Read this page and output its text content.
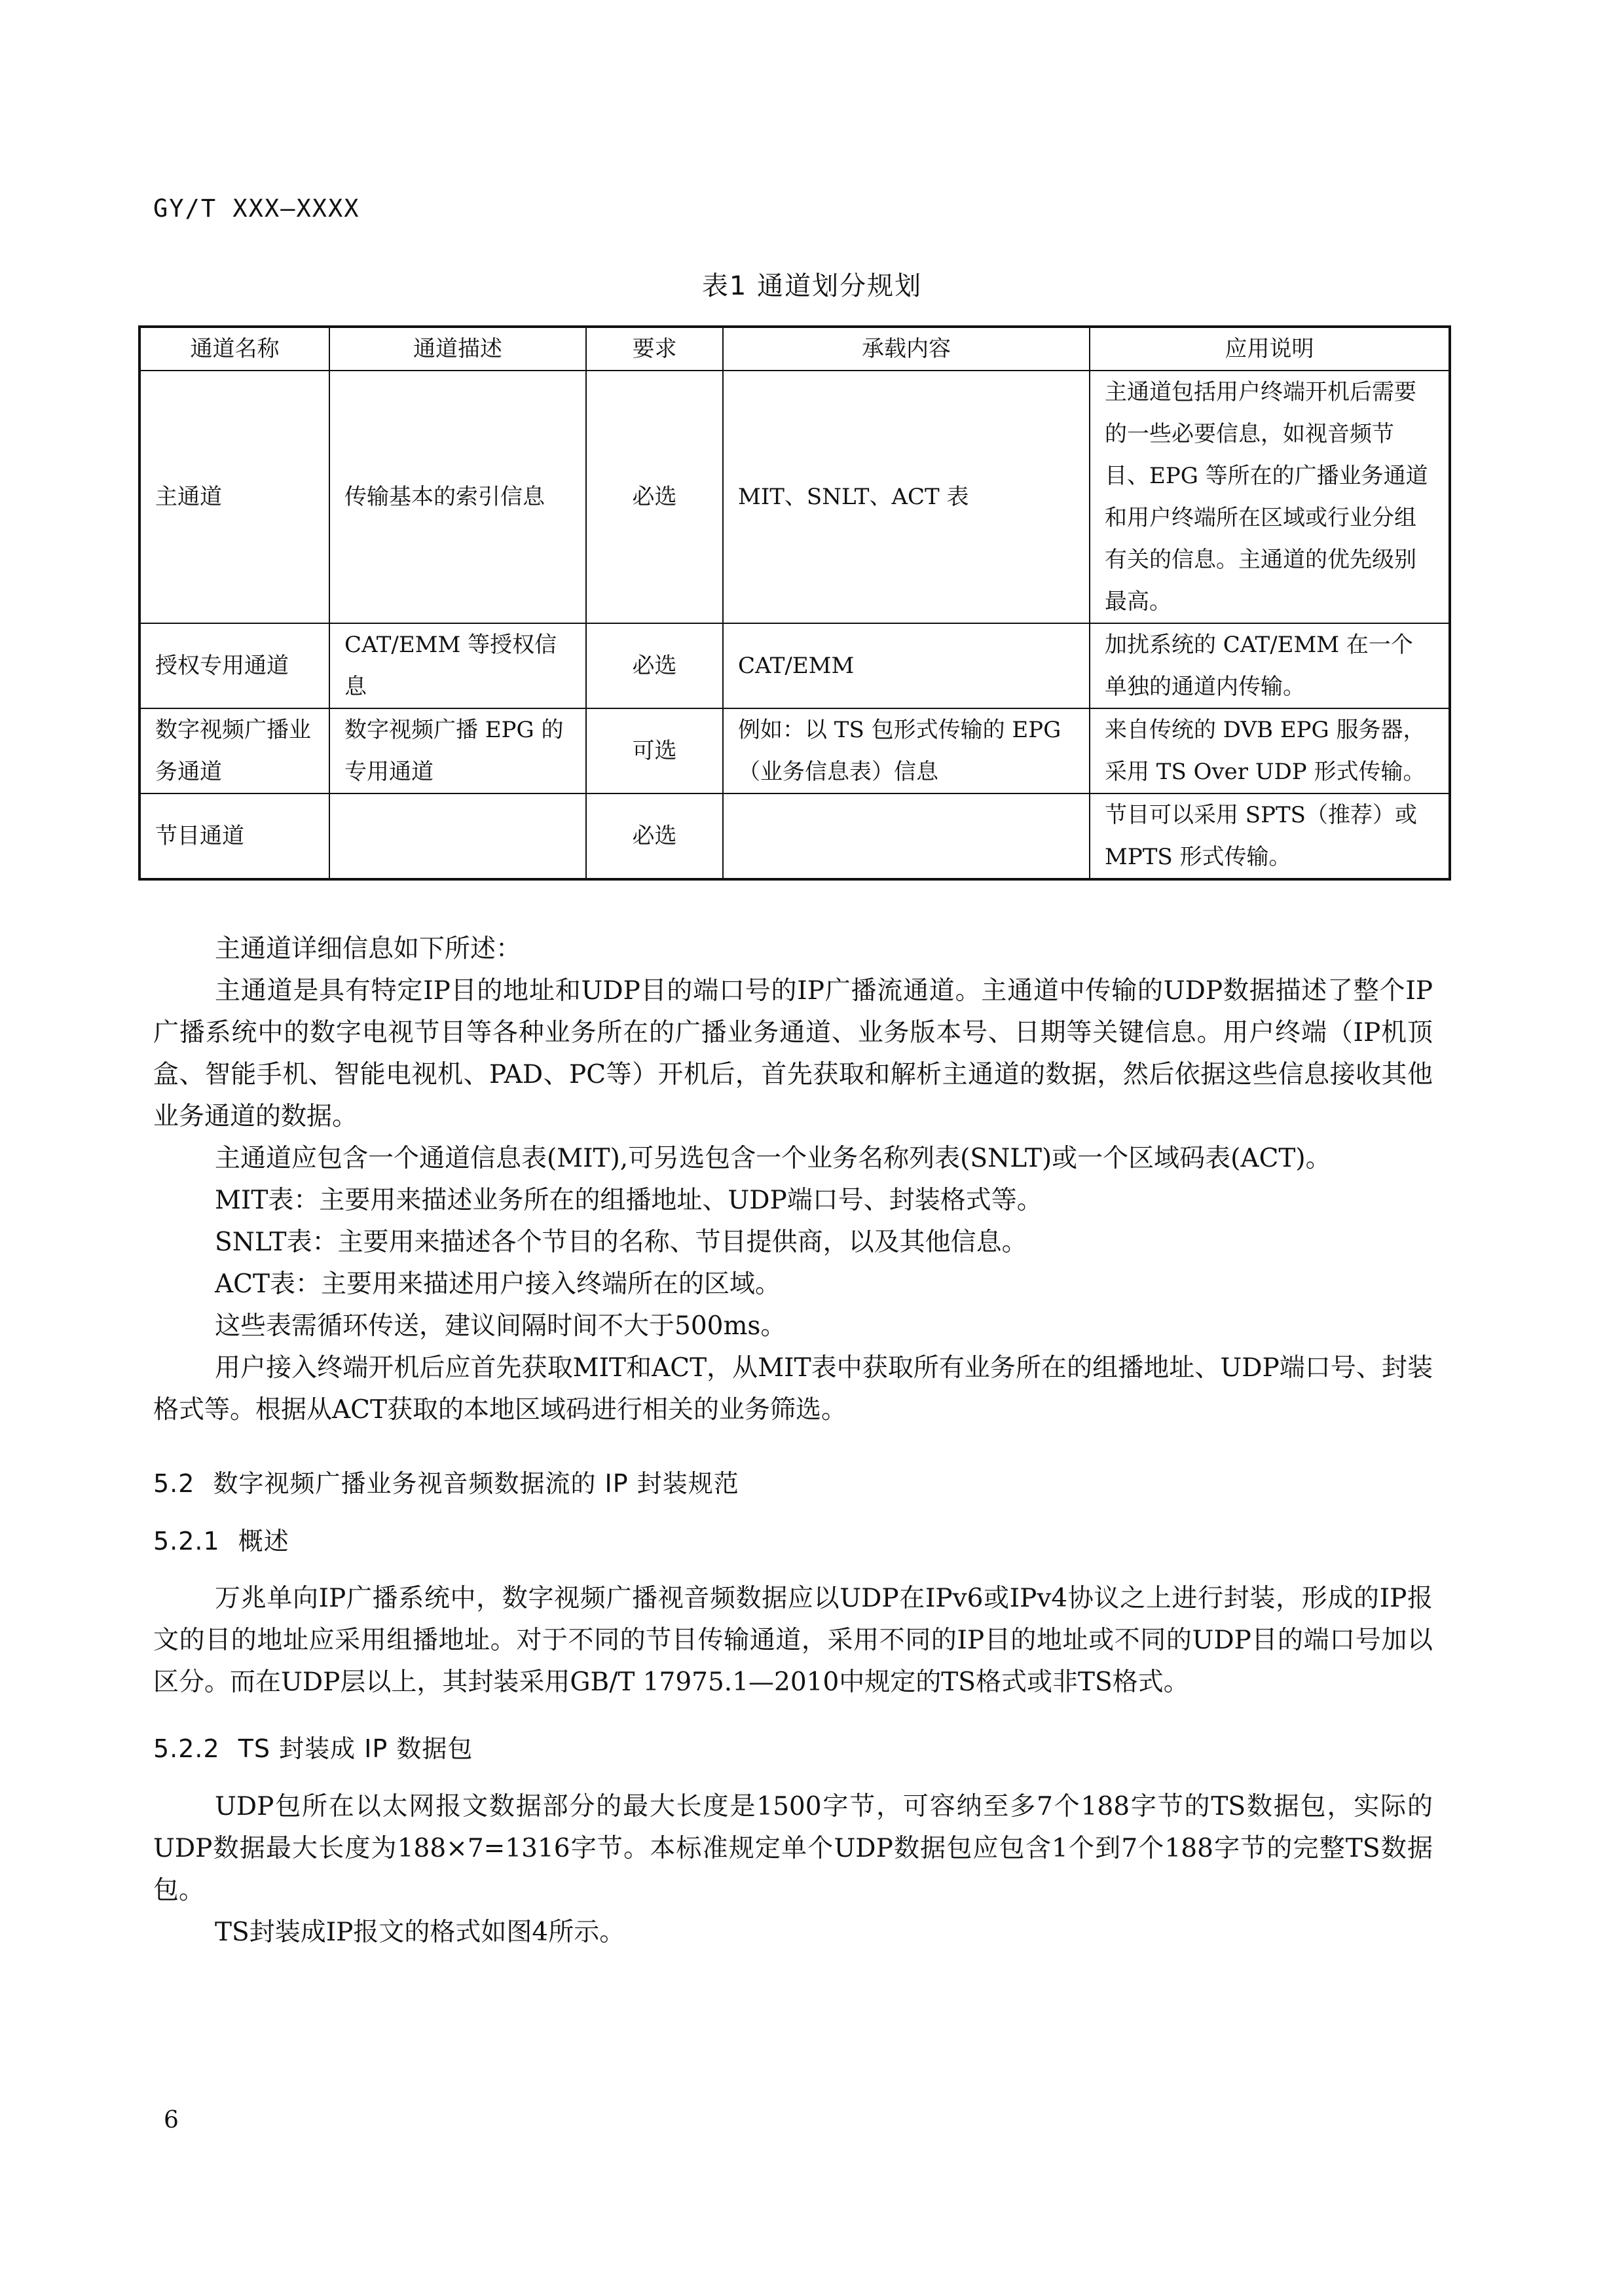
GY/T XXX—XXXX
表1 通道划分规划
通道名称	通道描述	要求	承载内容	应用说明
主通道	传输基本的索引信息	必选	MIT、SNLT、ACT 表	主通道包括用户终端开机后需要的一些必要信息，如视音频节目、EPG 等所在的广播业务通道和用户终端所在区域或行业分组有关的信息。主通道的优先级别最高。
授权专用通道	CAT/EMM 等授权信息	必选	CAT/EMM	加扰系统的 CAT/EMM 在一个单独的通道内传输。
数字视频广播业务通道	数字视频广播 EPG 的专用通道	可选	例如：以 TS 包形式传输的 EPG（业务信息表）信息	来自传统的 DVB EPG 服务器，采用 TS Over UDP 形式传输。
节目通道		必选		节目可以采用 SPTS（推荐）或 MPTS 形式传输。

主通道详细信息如下所述：

主通道是具有特定IP目的地址和UDP目的端口号的IP广播流通道。主通道中传输的UDP数据描述了整个IP广播系统中的数字电视节目等各种业务所在的广播业务通道、业务版本号、日期等关键信息。用户终端（IP机顶盒、智能手机、智能电视机、PAD、PC等）开机后，首先获取和解析主通道的数据，然后依据这些信息接收其他业务通道的数据。

主通道应包含一个通道信息表(MIT),可另选包含一个业务名称列表(SNLT)或一个区域码表(ACT)。

MIT表：主要用来描述业务所在的组播地址、UDP端口号、封装格式等。

SNLT表：主要用来描述各个节目的名称、节目提供商，以及其他信息。

ACT表：主要用来描述用户接入终端所在的区域。

这些表需循环传送，建议间隔时间不大于500ms。

用户接入终端开机后应首先获取MIT和ACT，从MIT表中获取所有业务所在的组播地址、UDP端口号、封装格式等。根据从ACT获取的本地区域码进行相关的业务筛选。

5.2 数字视频广播业务视音频数据流的 IP 封装规范
5.2.1 概述

万兆单向IP广播系统中，数字视频广播视音频数据应以UDP在IPv6或IPv4协议之上进行封装，形成的IP报文的目的地址应采用组播地址。对于不同的节目传输通道，采用不同的IP目的地址或不同的UDP目的端口号加以区分。而在UDP层以上，其封装采用GB/T 17975.1—2010中规定的TS格式或非TS格式。

5.2.2 TS 封装成 IP 数据包

UDP包所在以太网报文数据部分的最大长度是1500字节，可容纳至多7个188字节的TS数据包，实际的UDP数据最大长度为188×7=1316字节。本标准规定单个UDP数据包应包含1个到7个188字节的完整TS数据包。

TS封装成IP报文的格式如图4所示。

6
